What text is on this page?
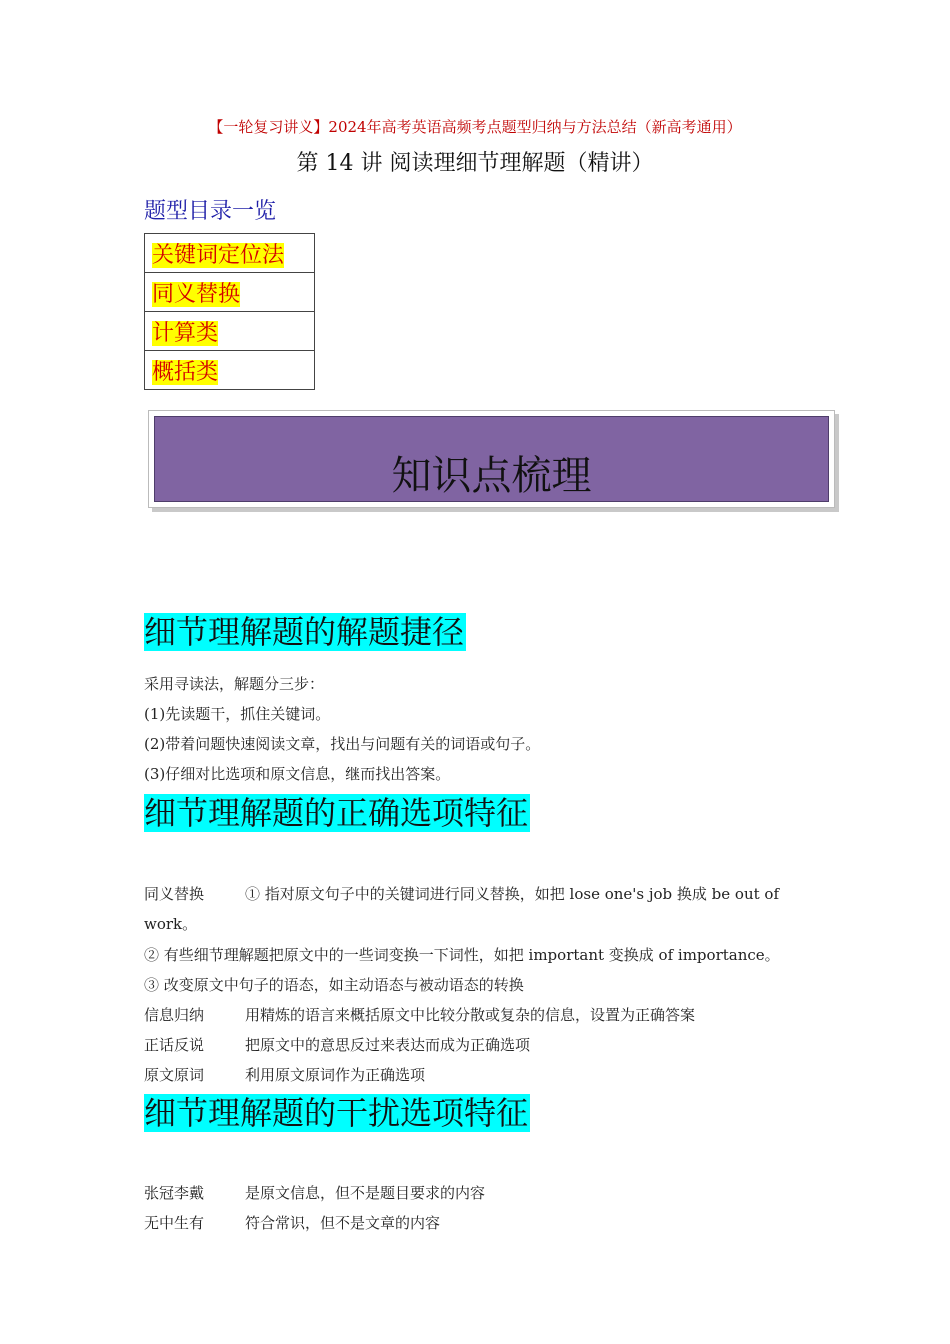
【一轮复习讲义】2024年高考英语高频考点题型归纳与方法总结（新高考通用）
第 14 讲 阅读理细节理解题（精讲）
题型目录一览
关键词定位法
同义替换
计算类
概括类
知识点梳理
细节理解题的解题捷径
采用寻读法，解题分三步：
(1)先读题干，抓住关键词。
(2)带着问题快速阅读文章，找出与问题有关的词语或句子。
(3)仔细对比选项和原文信息，继而找出答案。
细节理解题的正确选项特征
同义替换	① 指对原文句子中的关键词进行同义替换，如把 lose one's job 换成 be out of
work。
② 有些细节理解题把原文中的一些词变换一下词性，如把 important 变换成 of importance。
③ 改变原文中句子的语态，如主动语态与被动语态的转换
信息归纳	用精炼的语言来概括原文中比较分散或复杂的信息，设置为正确答案
正话反说	把原文中的意思反过来表达而成为正确选项
原文原词	利用原文原词作为正确选项
细节理解题的干扰选项特征
张冠李戴	是原文信息，但不是题目要求的内容
无中生有	符合常识，但不是文章的内容
